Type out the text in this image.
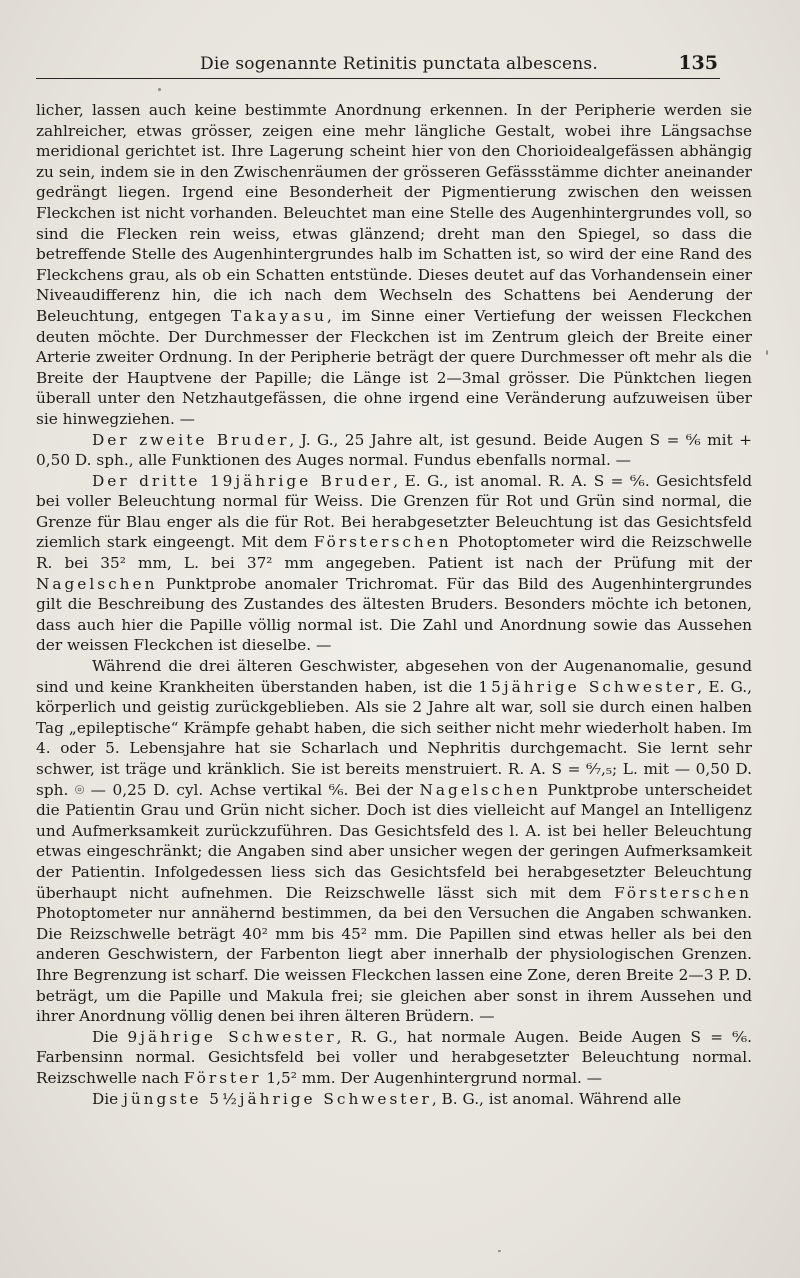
Die sogenannte Retinitis punctata albescens.	135

licher, lassen auch keine bestimmte Anordnung erkennen. In der Peripherie werden sie zahlreicher, etwas grösser, zeigen eine mehr längliche Gestalt, wobei ihre Längsachse meridional gerichtet ist. Ihre Lagerung scheint hier von den Chorioidealgefässen abhängig zu sein, indem sie in den Zwischenräumen der grösseren Gefässstämme dichter aneinander gedrängt liegen. Irgend eine Besonderheit der Pigmentierung zwischen den weissen Fleckchen ist nicht vorhanden. Beleuchtet man eine Stelle des Augenhintergrundes voll, so sind die Flecken rein weiss, etwas glänzend; dreht man den Spiegel, so dass die betreffende Stelle des Augenhintergrundes halb im Schatten ist, so wird der eine Rand des Fleckchens grau, als ob ein Schatten entstünde. Dieses deutet auf das Vorhandensein einer Niveaudifferenz hin, die ich nach dem Wechseln des Schattens bei Aenderung der Beleuchtung, entgegen Takayasu, im Sinne einer Vertiefung der weissen Fleckchen deuten möchte. Der Durchmesser der Fleckchen ist im Zentrum gleich der Breite einer Arterie zweiter Ordnung. In der Peripherie beträgt der quere Durchmesser oft mehr als die Breite der Hauptvene der Papille; die Länge ist 2—3mal grösser. Die Pünktchen liegen überall unter den Netzhautgefässen, die ohne irgend eine Veränderung aufzuweisen über sie hinwegziehen. —

Der zweite Bruder, J. G., 25 Jahre alt, ist gesund. Beide Augen S = ⁶⁄₆ mit + 0,50 D. sph., alle Funktionen des Auges normal. Fundus ebenfalls normal. —

Der dritte 19jährige Bruder, E. G., ist anomal. R. A. S = ⁶⁄₆. Gesichtsfeld bei voller Beleuchtung normal für Weiss. Die Grenzen für Rot und Grün sind normal, die Grenze für Blau enger als die für Rot. Bei herabgesetzter Beleuchtung ist das Gesichtsfeld ziemlich stark eingeengt. Mit dem Försterschen Photoptometer wird die Reizschwelle R. bei 35² mm, L. bei 37² mm angegeben. Patient ist nach der Prüfung mit der Nagelschen Punktprobe anomaler Trichromat. Für das Bild des Augenhintergrundes gilt die Beschreibung des Zustandes des ältesten Bruders. Besonders möchte ich betonen, dass auch hier die Papille völlig normal ist. Die Zahl und Anordnung sowie das Aussehen der weissen Fleckchen ist dieselbe. —

Während die drei älteren Geschwister, abgesehen von der Augenanomalie, gesund sind und keine Krankheiten überstanden haben, ist die 15jährige Schwester, E. G., körperlich und geistig zurückgeblieben. Als sie 2 Jahre alt war, soll sie durch einen halben Tag „epileptische“ Krämpfe gehabt haben, die sich seither nicht mehr wiederholt haben. Im 4. oder 5. Lebensjahre hat sie Scharlach und Nephritis durchgemacht. Sie lernt sehr schwer, ist träge und kränklich. Sie ist bereits menstruiert. R. A. S = ⁶⁄₇,₅; L. mit — 0,50 D. sph. ⌾ — 0,25 D. cyl. Achse vertikal ⁶⁄₆. Bei der Nagelschen Punktprobe unterscheidet die Patientin Grau und Grün nicht sicher. Doch ist dies vielleicht auf Mangel an Intelligenz und Aufmerksamkeit zurückzuführen. Das Gesichtsfeld des l. A. ist bei heller Beleuchtung etwas eingeschränkt; die Angaben sind aber unsicher wegen der geringen Aufmerksamkeit der Patientin. Infolgedessen liess sich das Gesichtsfeld bei herabgesetzter Beleuchtung überhaupt nicht aufnehmen. Die Reizschwelle lässt sich mit dem Försterschen Photoptometer nur annähernd bestimmen, da bei den Versuchen die Angaben schwanken. Die Reizschwelle beträgt 40² mm bis 45² mm. Die Papillen sind etwas heller als bei den anderen Geschwistern, der Farbenton liegt aber innerhalb der physiologischen Grenzen. Ihre Begrenzung ist scharf. Die weissen Fleckchen lassen eine Zone, deren Breite 2—3 P. D. beträgt, um die Papille und Makula frei; sie gleichen aber sonst in ihrem Aussehen und ihrer Anordnung völlig denen bei ihren älteren Brüdern. —

Die 9jährige Schwester, R. G., hat normale Augen. Beide Augen S = ⁶⁄₆. Farbensinn normal. Gesichtsfeld bei voller und herabgesetzter Beleuchtung normal. Reizschwelle nach Förster 1,5² mm. Der Augenhintergrund normal. —

Die jüngste 5½jährige Schwester, B. G., ist anomal. Während alle
